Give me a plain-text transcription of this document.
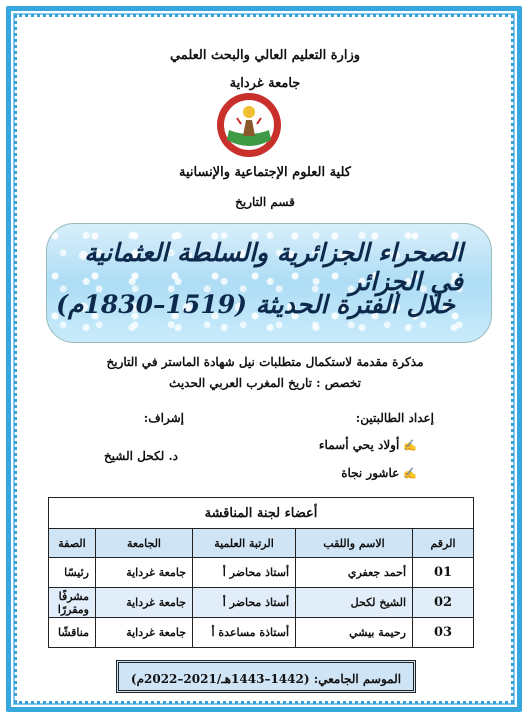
وزارة التعليم العالي والبحث العلمي
جامعة غرداية
كلية العلوم الإجتماعية والإنسانية
قسم التاريخ
الصحراء الجزائرية والسلطة العثمانية في الجزائر
خلال الفترة الحديثة (1519–1830م)
مذكرة مقدمة لاستكمال متطلبات نيل شهادة الماستر في التاريخ
تخصص : تاريخ المغرب العربي الحديث
إعداد الطالبتين:
إشراف:
✍أولاد يحي أسماء
د. لكحل الشيخ
✍عاشور نجاة
أعضاء لجنة المناقشة				
الرقم	الاسم واللقب	الرتبة العلمية	الجامعة	الصفة
01	أحمد جعفري	أستاذ محاضر أ	جامعة غرداية	رئيسًا
02	الشيخ لكحل	أستاذ محاضر أ	جامعة غرداية	مشرفًا ومقررًا
03	رحيمة بيشي	أستاذة مساعدة أ	جامعة غرداية	مناقشًا
الموسم الجامعي: (1442–1443هـ/2021–2022م)
